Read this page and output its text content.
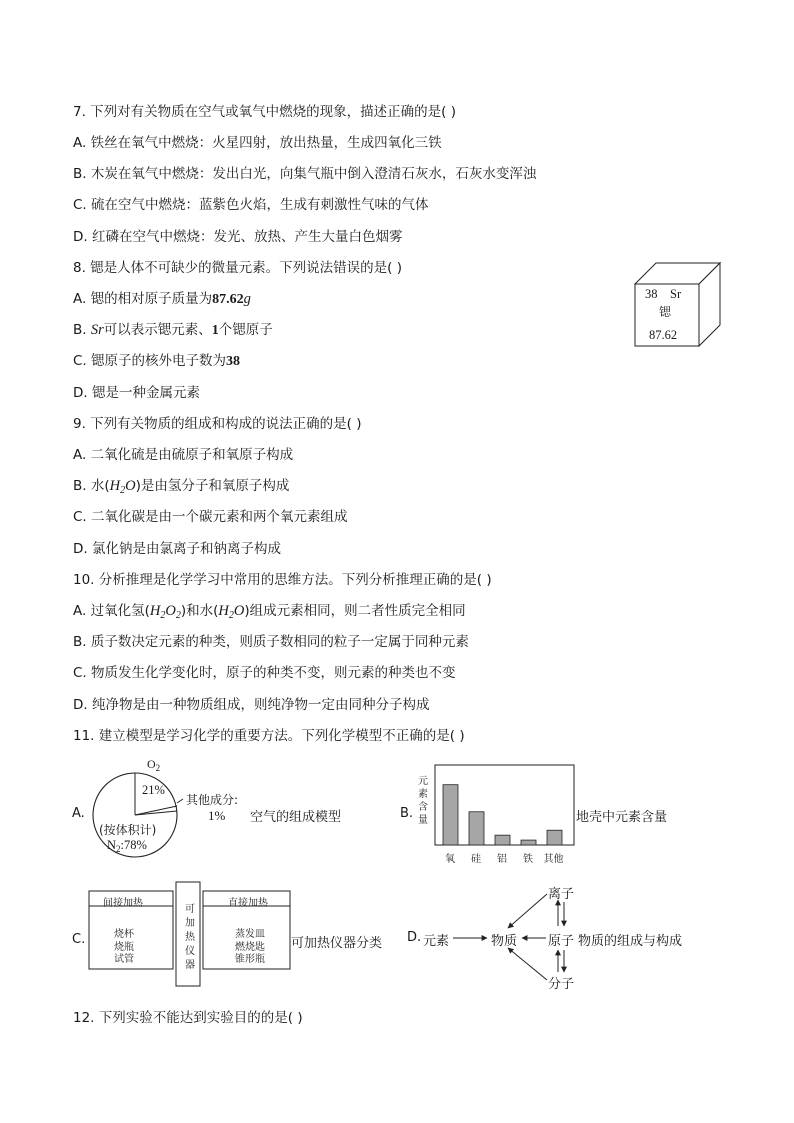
7. 下列对有关物质在空气或氧气中燃烧的现象，描述正确的是( )
A. 铁丝在氧气中燃烧：火星四射，放出热量，生成四氧化三铁
B. 木炭在氧气中燃烧：发出白光，向集气瓶中倒入澄清石灰水，石灰水变浑浊
C. 硫在空气中燃烧：蓝紫色火焰，生成有刺激性气味的气体
D. 红磷在空气中燃烧：发光、放热、产生大量白色烟雾
8. 锶是人体不可缺少的微量元素。下列说法错误的是( )
A. 锶的相对原子质量为87.62g
B. Sr可以表示锶元素、1个锶原子
C. 锶原子的核外电子数为38
D. 锶是一种金属元素
38 Sr
锶
87.62
9. 下列有关物质的组成和构成的说法正确的是( )
A. 二氧化硫是由硫原子和氧原子构成
B. 水$(H_2O)$是由氢分子和氧原子构成
C. 二氧化碳是由一个碳元素和两个氧元素组成
D. 氯化钠是由氯离子和钠离子构成
10. 分析推理是化学学习中常用的思维方法。下列分析推理正确的是( )
A. 过氧化氢$(H_2O_2)$和水$(H_2O)$组成元素相同，则二者性质完全相同
B. 质子数决定元素的种类，则质子数相同的粒子一定属于同种元素
C. 物质发生化学变化时，原子的种类不变，则元素的种类也不变
D. 纯净物是由一种物质组成，则纯净物一定由同种分子构成
11. 建立模型是学习化学的重要方法。下列化学模型不正确的是( )
A.
$O_2$
21%
其他成分:
1% 空气的组成模型
(按体积计)
$N_2:78\%$
B.
元
素
含
量
氧 硅 铝 铁 其他
地壳中元素含量
C.
间接加热
烧杯
烧瓶
试管
可
加
热
仪
器
直接加热
蒸发皿
燃烧匙
锥形瓶
可加热仪器分类 D. 元素	物质
离子
原子
分子
物质的组成与构成
12. 下列实验不能达到实验目的的是( )
